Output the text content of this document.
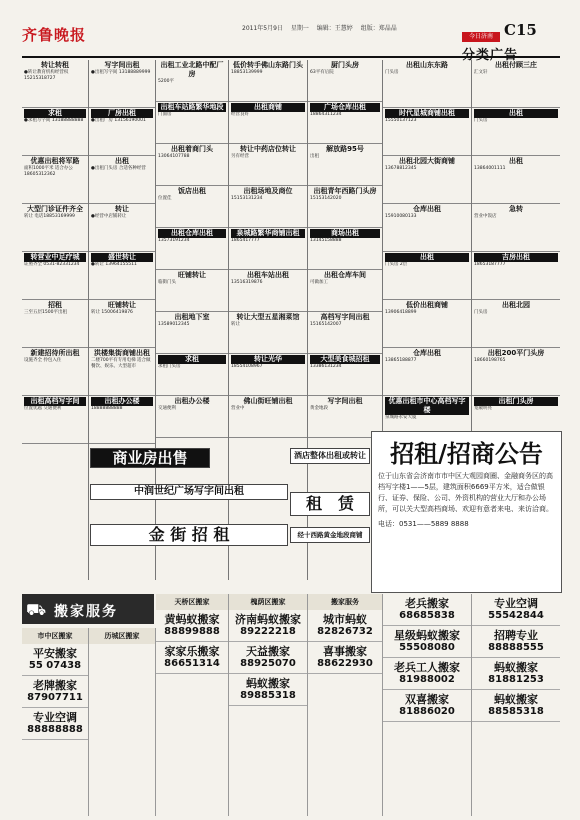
齐鲁晚报	2011年5月9日 星期一 编辑：王慧婷 组版：郑晶晶
今日济南 C15
转让转租

●转让教育机构经营权15215318727

求租

●求租写字间 13188888888

优惠出租将军路

面积1000平米 适合办公 18605312362

大型门诊证件齐全

转让 电话18853169999

转营业中足疗城

证照齐全 0531-82331234

招租

三至五层1500平出租

新建招待所出租

设施齐全 拎包入住

出租高档写字间

位置优越 交通便利

写字间出租

●出租写字间 13188889999

厂房出租

●出租厂房 13156190001

出租

●出租门头房 合适各种经营

转让

●经营中店铺转让

盛世转让

●转让 13964155511

旺铺转让

转让 15006419876

洪楼集街商铺出租

二楼700平有专用电梯 适合做餐饮、娱乐、大型超市

出租办公楼

18888888888

出租工业北路中配厂房

5200平

出租车站路繁华地段

门面房

出租着商门头

13064107788

饭店出租

位置佳

出租仓库出租

13573191234

旺铺转让

临街门头

出租地下室

13589012345

求租

求租门头房

出租办公楼

交通便利

低价转手佛山东路门头

18853139999

出租商铺

经营良好

转让中药店位转让

另有经营

出租场地及商位

15153131234

泉城路繁华商铺出租

1865417777

出租车站出租

13516319876

转让大型五星湘菜馆

转让

转让光华

18554108967

佛山街旺铺出租

营业中

厨门头房

63平有后院

广场仓库出租

18864311234

解放路95号

出租

出租青年西路门头房

15153142020

商场出租

13145158888

出租仓库车间

可做加工

高档写字间出租

15165142007

大型美食城招租

13386131234

写字间出租

黄金地段

出租山东东路

门头房

时代星城商铺出租

15550137123

出租北园大街商铺

13678812345

仓库出租

15910080133

出租

门头房 2层

低价出租商铺

13906418899

仓库出租

13865188877

优惠出租市中心高档写字楼

泉城路永安大厦

出租付顾三庄

汇文轩

出租

门头房

出租

13864001111

急转

营业中饭店

吉房出租

18653187777

出租北园

门头房

出租200平门头房

18660198765

出租门头房

宽敞明亮

商业房出售
中润世纪广场写字间出租
金 街 招 租
酒店整体出租或转让
租　赁
经十西路黄金地段商铺
招租/招商公告
位于山东省会济南市市中区大观园商圈、金融商务区的高档写字楼1——5层，建筑面积6669平方米，适合做银行、证券、保险、公司、外资机构的营业大厅和办公场所，可以关大型高档商场、欢迎有意者来电、来访洽商。
电话：0531——5889 8888
⛟ 搬家服务
市中区搬家
平安搬家
55 07438
老牌搬家
87907711
专业空调
88888888
历城区搬家
天桥区搬家
黄蚂蚁搬家
88899888
家家乐搬家
86651314
槐荫区搬家
济南蚂蚁搬家
89222218
天益搬家
88925070
蚂蚁搬家
89885318
搬家服务
城市蚂蚁
82826732
喜事搬家
88622930
老兵搬家
68685838
星级蚂蚁搬家
55508080
老兵工人搬家
81988002
双喜搬家
81886020
专业空调
55542844
招聘专业
88888555
蚂蚁搬家
81881253
蚂蚁搬家
88585318
